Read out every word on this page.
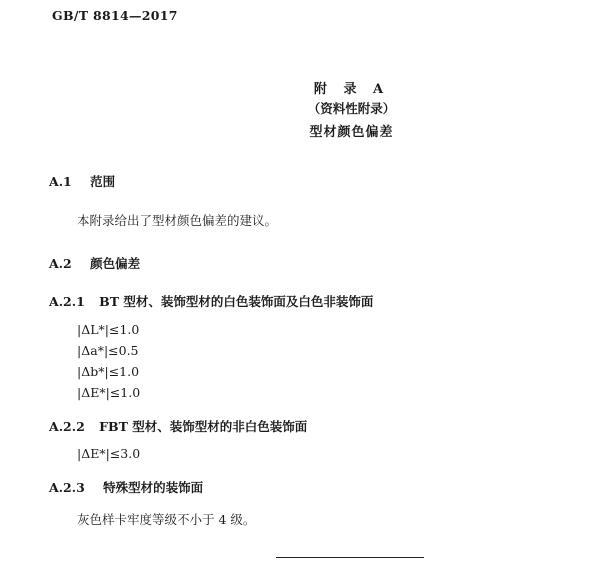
GB/T 8814—2017
附 录 A
（资料性附录）
型材颜色偏差
A.1 范围
本附录给出了型材颜色偏差的建议。
A.2 颜色偏差
A.2.1 BT 型材、装饰型材的白色装饰面及白色非装饰面
|ΔL*|≤1.0
|Δa*|≤0.5
|Δb*|≤1.0
|ΔE*|≤1.0
A.2.2 FBT 型材、装饰型材的非白色装饰面
|ΔE*|≤3.0
A.2.3 特殊型材的装饰面
灰色样卡牢度等级不小于 4 级。
